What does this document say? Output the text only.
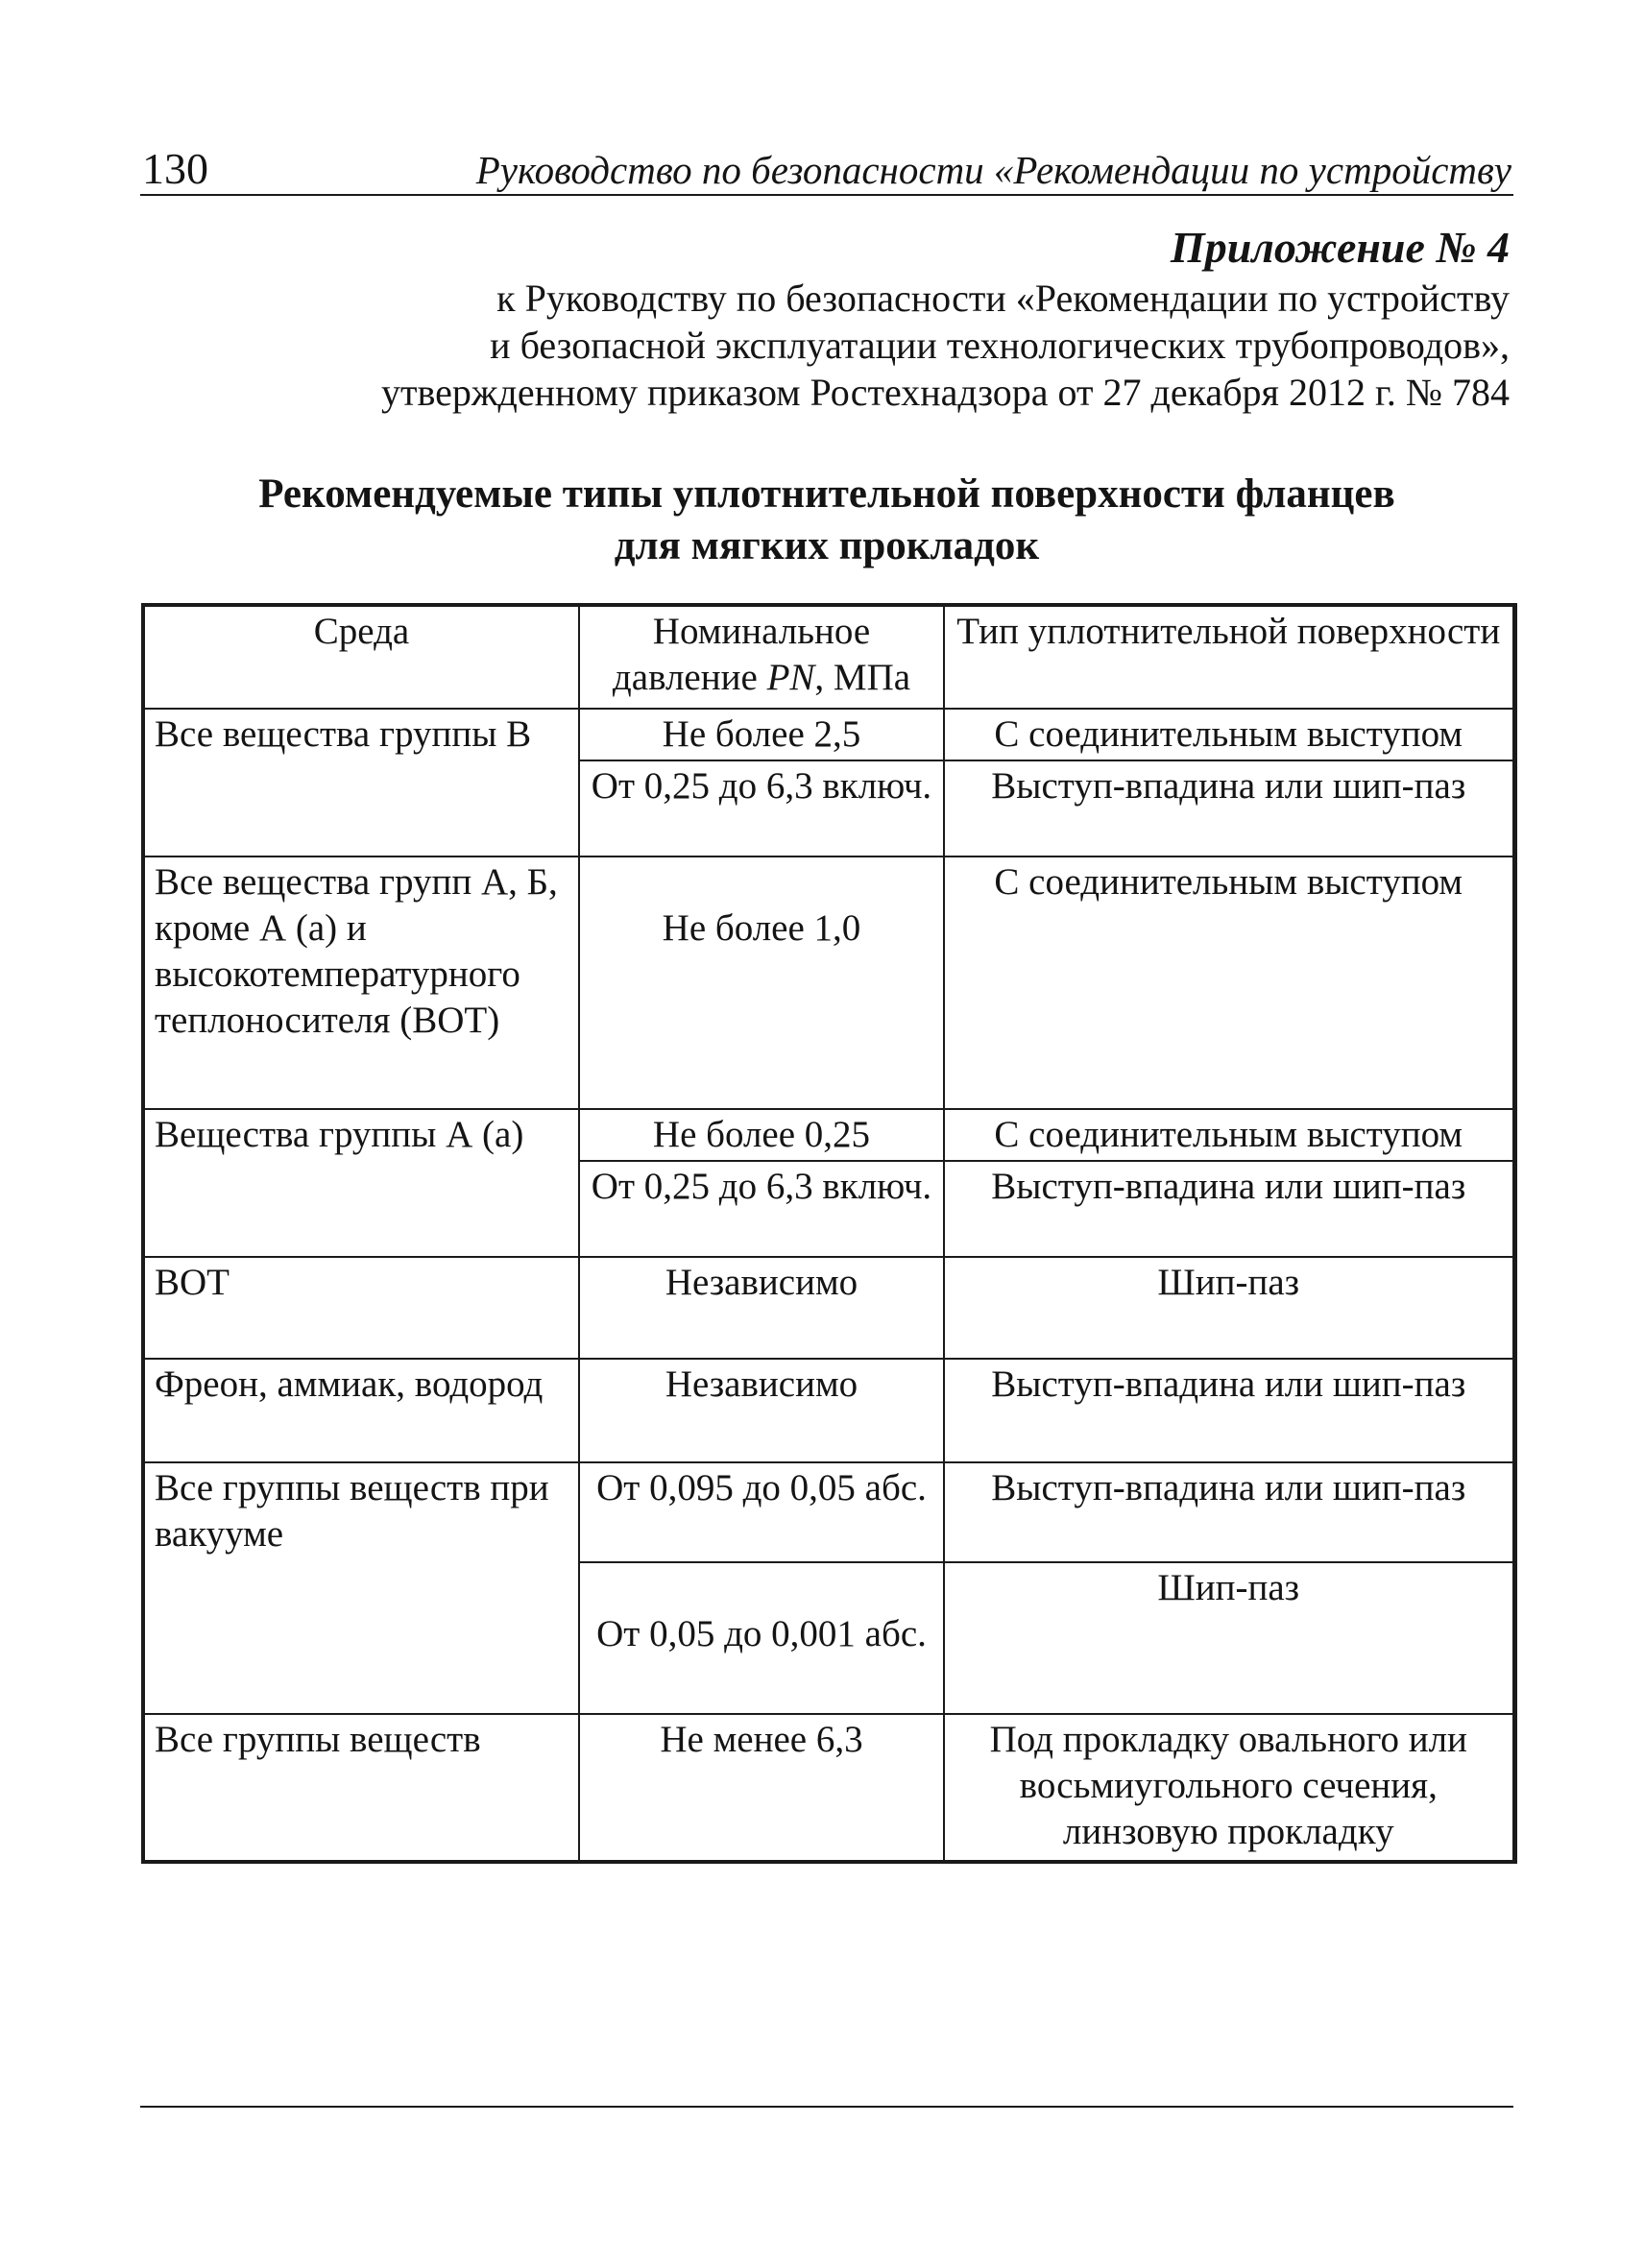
130	Руководство по безопасности «Рекомендации по устройству
Приложение № 4
к Руководству по безопасности «Рекомендации по устройству
и безопасной эксплуатации технологических трубопроводов»,
утвержденному приказом Ростехнадзора от 27 декабря 2012 г. № 784
Рекомендуемые типы уплотнительной поверхности фланцев
для мягких прокладок
Среда	Номинальное давление PN, МПа	Тип уплотнительной поверхности
Все вещества группы В	Не более 2,5	С соединительным выступом
	От 0,25 до 6,3 включ.	Выступ-впадина или шип-паз
Все вещества групп А, Б, кроме А (а) и высокотемпературного теплоносителя (ВОТ)	Не более 1,0	С соединительным выступом
Вещества группы А (а)	Не более 0,25	С соединительным выступом
	От 0,25 до 6,3 включ.	Выступ-впадина или шип-паз
ВОТ	Независимо	Шип-паз
Фреон, аммиак, водород	Независимо	Выступ-впадина или шип-паз
Все группы веществ при вакууме	От 0,095 до 0,05 абс.	Выступ-впадина или шип-паз
	От 0,05 до 0,001 абс.	Шип-паз
Все группы веществ	Не менее 6,3	Под прокладку овального или восьмиугольного сечения, линзовую прокладку
